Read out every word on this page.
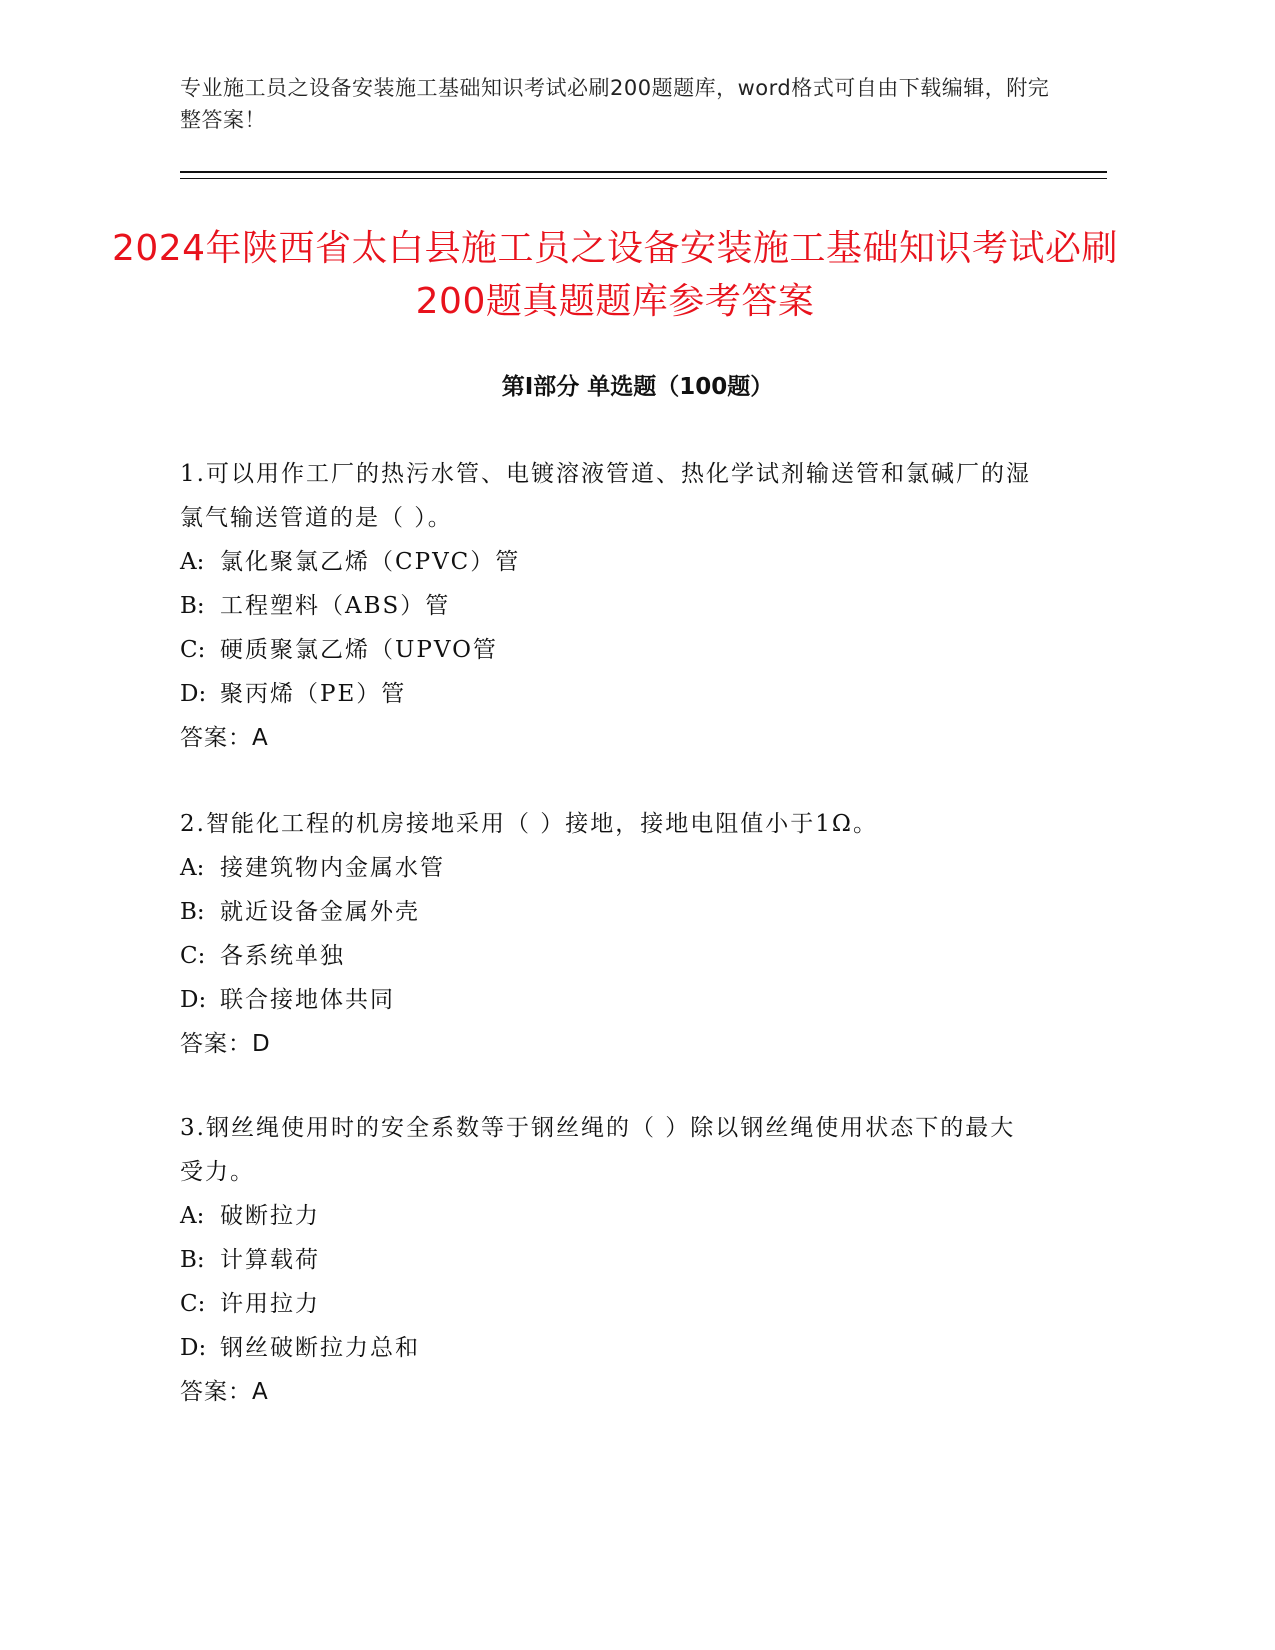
专业施工员之设备安装施工基础知识考试必刷200题题库，word格式可自由下载编辑，附完整答案！
2024年陕西省太白县施工员之设备安装施工基础知识考试必刷200题真题题库参考答案
第Ⅰ部分 单选题（100题）

1.可以用作工厂的热污水管、电镀溶液管道、热化学试剂输送管和氯碱厂的湿氯气输送管道的是（ ）。

A: 氯化聚氯乙烯（CPVC）管

B: 工程塑料（ABS）管

C: 硬质聚氯乙烯（UPVO管

D: 聚丙烯（PE）管

答案：A

2.智能化工程的机房接地采用（ ）接地，接地电阻值小于1Ω。

A: 接建筑物内金属水管

B: 就近设备金属外壳

C: 各系统单独

D: 联合接地体共同

答案：D

3.钢丝绳使用时的安全系数等于钢丝绳的（ ）除以钢丝绳使用状态下的最大受力。

A: 破断拉力

B: 计算载荷

C: 许用拉力

D: 钢丝破断拉力总和

答案：A
